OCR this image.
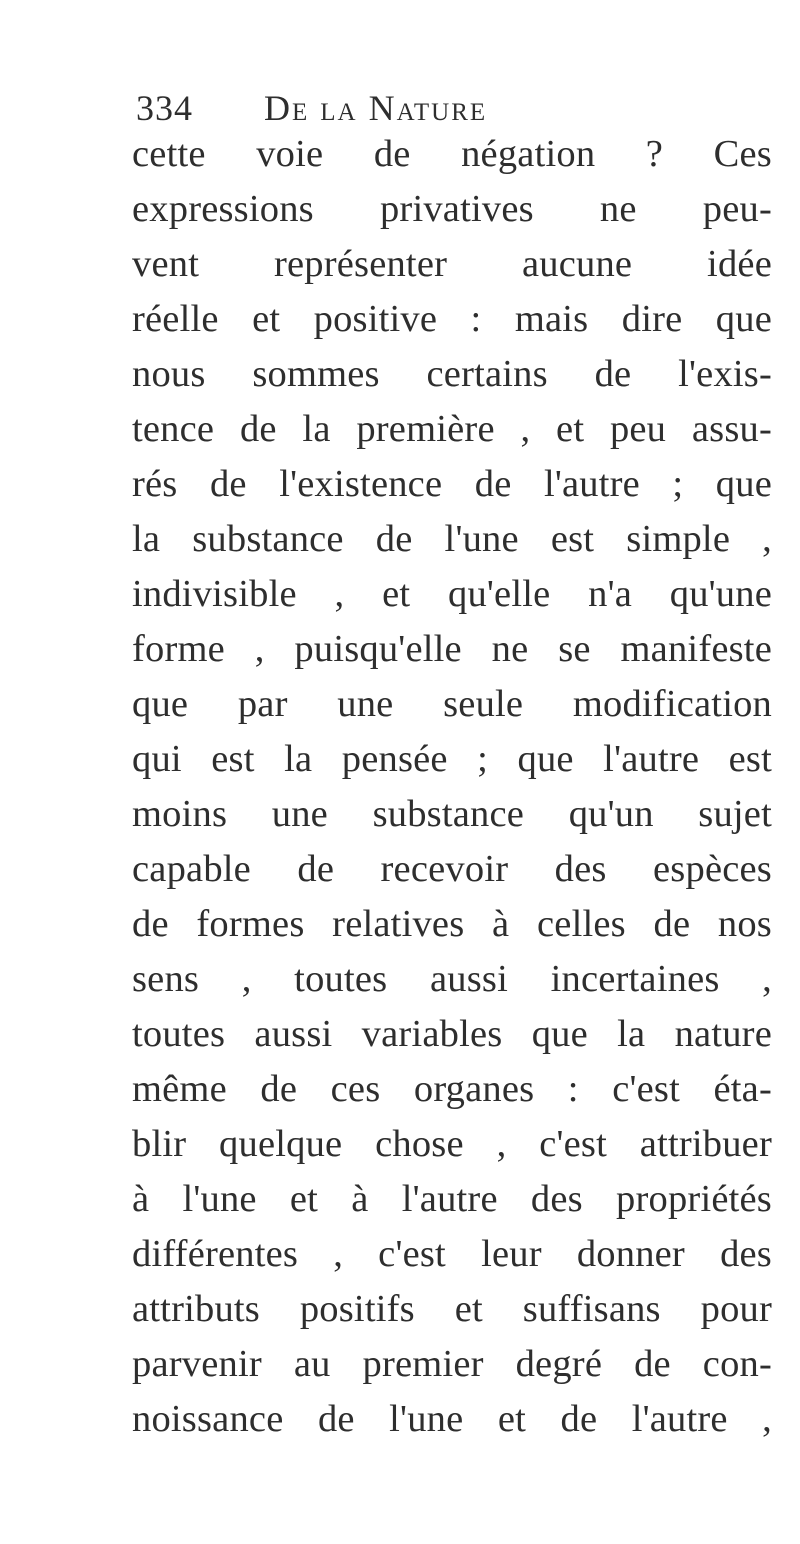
334 De la Nature
cette voie de négation ? Ces
expressions privatives ne peu-
vent représenter aucune idée
réelle et positive : mais dire que
nous sommes certains de l'exis-
tence de la première , et peu assu-
rés de l'existence de l'autre ; que
la substance de l'une est simple ,
indivisible , et qu'elle n'a qu'une
forme , puisqu'elle ne se manifeste
que par une seule modification
qui est la pensée ; que l'autre est
moins une substance qu'un sujet
capable de recevoir des espèces
de formes relatives à celles de nos
sens , toutes aussi incertaines ,
toutes aussi variables que la nature
même de ces organes : c'est éta-
blir quelque chose , c'est attribuer
à l'une et à l'autre des propriétés
différentes , c'est leur donner des
attributs positifs et suffisans pour
parvenir au premier degré de con-
noissance de l'une et de l'autre ,
